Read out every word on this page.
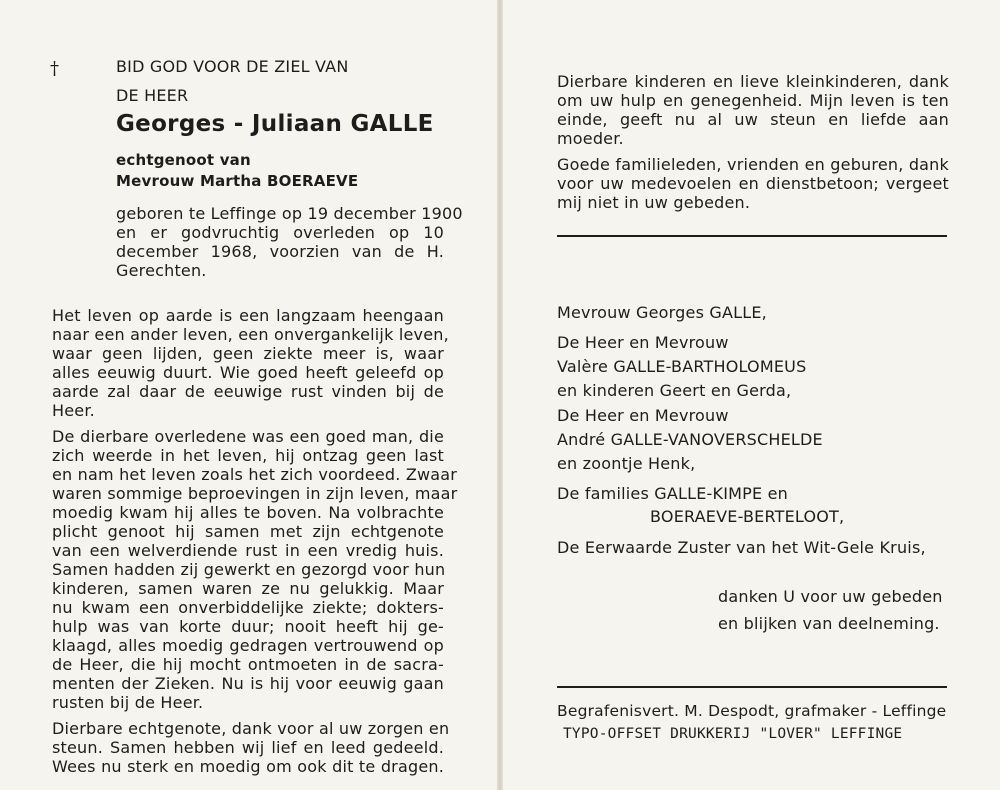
†	BID GOD VOOR DE ZIEL VAN
DE HEER
Georges - Juliaan GALLE
echtgenoot van
Mevrouw Martha BOERAEVE
geboren te Leffinge op 19 december 1900
en er godvruchtig overleden op 10
december 1968, voorzien van de H.
Gerechten.
Het leven op aarde is een langzaam heengaan
naar een ander leven, een onvergankelijk leven,
waar geen lijden, geen ziekte meer is, waar
alles eeuwig duurt. Wie goed heeft geleefd op
aarde zal daar de eeuwige rust vinden bij de
Heer.
De dierbare overledene was een goed man, die
zich weerde in het leven, hij ontzag geen last
en nam het leven zoals het zich voordeed. Zwaar
waren sommige beproevingen in zijn leven, maar
moedig kwam hij alles te boven. Na volbrachte
plicht genoot hij samen met zijn echtgenote
van een welverdiende rust in een vredig huis.
Samen hadden zij gewerkt en gezorgd voor hun
kinderen, samen waren ze nu gelukkig. Maar
nu kwam een onverbiddelijke ziekte; dokters-
hulp was van korte duur; nooit heeft hij ge-
klaagd, alles moedig gedragen vertrouwend op
de Heer, die hij mocht ontmoeten in de sacra-
menten der Zieken. Nu is hij voor eeuwig gaan
rusten bij de Heer.
Dierbare echtgenote, dank voor al uw zorgen en
steun. Samen hebben wij lief en leed gedeeld.
Wees nu sterk en moedig om ook dit te dragen.
Dierbare kinderen en lieve kleinkinderen, dank
om uw hulp en genegenheid. Mijn leven is ten
einde, geeft nu al uw steun en liefde aan
moeder.
Goede familieleden, vrienden en geburen, dank
voor uw medevoelen en dienstbetoon; vergeet
mij niet in uw gebeden.
Mevrouw Georges GALLE,
De Heer en Mevrouw
Valère GALLE-BARTHOLOMEUS
en kinderen Geert en Gerda,
De Heer en Mevrouw
André GALLE-VANOVERSCHELDE
en zoontje Henk,
De families GALLE-KIMPE en
BOERAEVE-BERTELOOT,
De Eerwaarde Zuster van het Wit-Gele Kruis,
danken U voor uw gebeden
en blijken van deelneming.
Begrafenisvert. M. Despodt, grafmaker - Leffinge
TYPO-OFFSET DRUKKERIJ "LOVER" LEFFINGE
